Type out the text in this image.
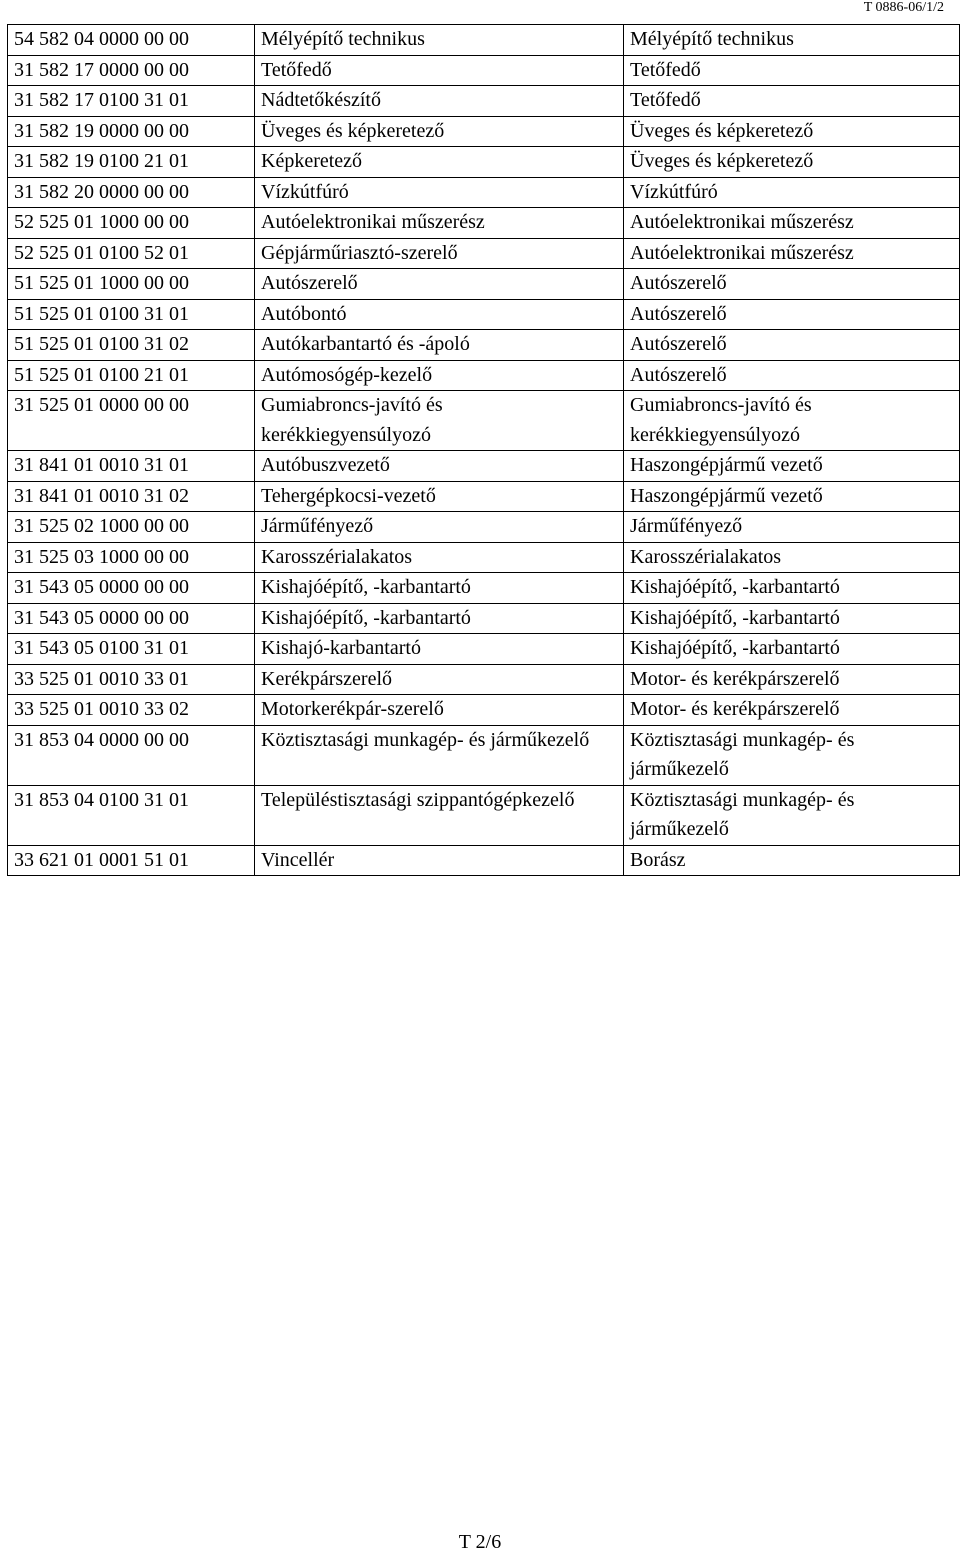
T 0886-06/1/2
54 582 04 0000 00 00	Mélyépítő technikus	Mélyépítő technikus
31 582 17 0000 00 00	Tetőfedő	Tetőfedő
31 582 17 0100 31 01	Nádtetőkészítő	Tetőfedő
31 582 19 0000 00 00	Üveges és képkeretező	Üveges és képkeretező
31 582 19 0100 21 01	Képkeretező	Üveges és képkeretező
31 582 20 0000 00 00	Vízkútfúró	Vízkútfúró
52 525 01 1000 00 00	Autóelektronikai műszerész	Autóelektronikai műszerész
52 525 01 0100 52 01	Gépjárműriasztó-szerelő	Autóelektronikai műszerész
51 525 01 1000 00 00	Autószerelő	Autószerelő
51 525 01 0100 31 01	Autóbontó	Autószerelő
51 525 01 0100 31 02	Autókarbantartó és -ápoló	Autószerelő
51 525 01 0100 21 01	Autómosógép-kezelő	Autószerelő
31 525 01 0000 00 00	Gumiabroncs-javító és kerékkiegyensúlyozó	Gumiabroncs-javító és kerékkiegyensúlyozó
31 841 01 0010 31 01	Autóbuszvezető	Haszongépjármű vezető
31 841 01 0010 31 02	Tehergépkocsi-vezető	Haszongépjármű vezető
31 525 02 1000 00 00	Járműfényező	Járműfényező
31 525 03 1000 00 00	Karosszérialakatos	Karosszérialakatos
31 543 05 0000 00 00	Kishajóépítő, -karbantartó	Kishajóépítő, -karbantartó
31 543 05 0000 00 00	Kishajóépítő, -karbantartó	Kishajóépítő, -karbantartó
31 543 05 0100 31 01	Kishajó-karbantartó	Kishajóépítő, -karbantartó
33 525 01 0010 33 01	Kerékpárszerelő	Motor- és kerékpárszerelő
33 525 01 0010 33 02	Motorkerékpár-szerelő	Motor- és kerékpárszerelő
31 853 04 0000 00 00	Köztisztasági munkagép- és járműkezelő	Köztisztasági munkagép- és járműkezelő
31 853 04 0100 31 01	Településtisztasági szippantógépkezelő	Köztisztasági munkagép- és járműkezelő
33 621 01 0001 51 01	Vincellér	Borász
T 2/6
